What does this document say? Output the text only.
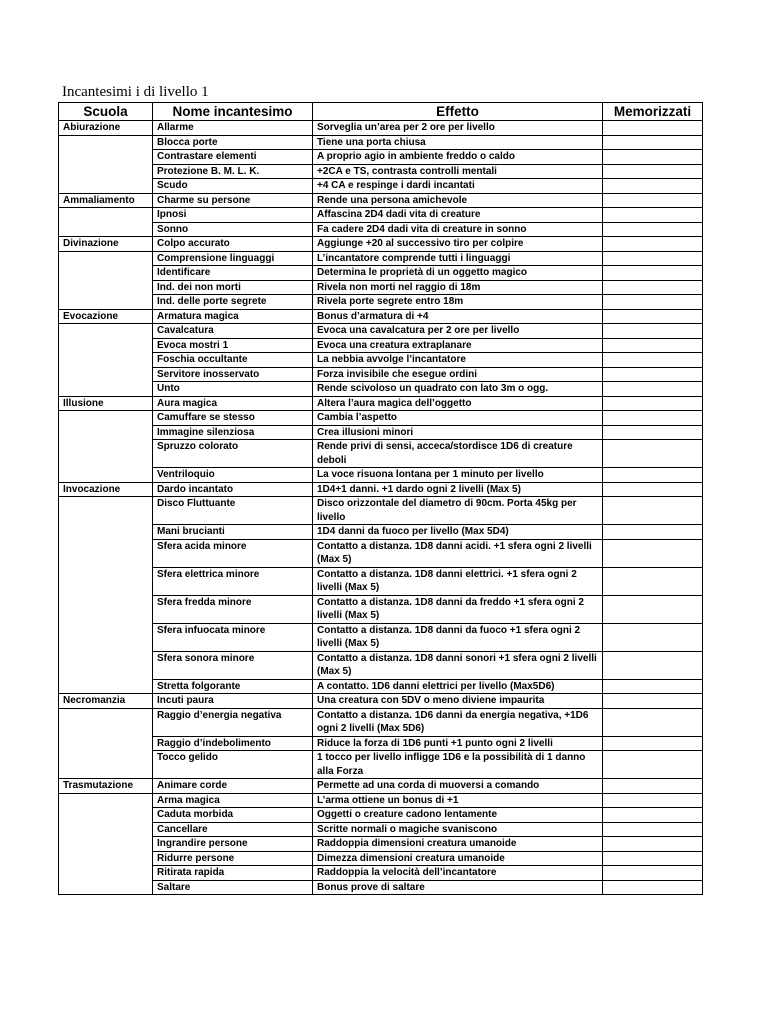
Incantesimi i di livello 1
Scuola	Nome incantesimo	Effetto	Memorizzati
Abiurazione	Allarme	Sorveglia un’area per 2 ore per livello	
	Blocca porte	Tiene una porta chiusa	
	Contrastare elementi	A proprio agio in ambiente freddo o caldo	
	Protezione B. M. L. K.	+2CA e TS, contrasta controlli mentali	
	Scudo	+4 CA e respinge i dardi incantati	
Ammaliamento	Charme su persone	Rende una persona amichevole	
	Ipnosi	Affascina 2D4 dadi vita di creature	
	Sonno	Fa cadere 2D4 dadi vita di creature in sonno	
Divinazione	Colpo accurato	Aggiunge +20 al successivo tiro per colpire	
	Comprensione linguaggi	L’incantatore comprende tutti i linguaggi	
	Identificare	Determina le proprietà di un oggetto magico	
	Ind. dei non morti	Rivela non morti nel raggio di 18m	
	Ind. delle porte segrete	Rivela porte segrete entro 18m	
Evocazione	Armatura magica	Bonus d’armatura di +4	
	Cavalcatura	Evoca una cavalcatura per 2 ore per livello	
	Evoca mostri 1	Evoca una creatura extraplanare	
	Foschia occultante	La nebbia avvolge l’incantatore	
	Servitore inosservato	Forza invisibile che esegue ordini	
	Unto	Rende scivoloso un quadrato con lato 3m o ogg.	
Illusione	Aura magica	Altera l’aura magica dell’oggetto	
	Camuffare se stesso	Cambia l’aspetto	
	Immagine silenziosa	Crea illusioni minori	
	Spruzzo colorato	Rende privi di sensi, acceca/stordisce 1D6 di creature deboli	
	Ventriloquio	La voce risuona lontana per 1 minuto per livello	
Invocazione	Dardo incantato	1D4+1 danni. +1 dardo ogni 2 livelli (Max 5)	
	Disco Fluttuante	Disco orizzontale del diametro di 90cm. Porta 45kg per livello	
	Mani brucianti	1D4 danni da fuoco per livello (Max 5D4)	
	Sfera acida minore	Contatto a distanza. 1D8 danni acidi. +1 sfera ogni 2 livelli (Max 5)	
	Sfera elettrica minore	Contatto a distanza. 1D8 danni elettrici. +1 sfera ogni 2 livelli (Max 5)	
	Sfera fredda minore	Contatto a distanza. 1D8 danni da freddo +1 sfera ogni 2 livelli (Max 5)	
	Sfera infuocata minore	Contatto a distanza. 1D8 danni da fuoco +1 sfera ogni 2 livelli (Max 5)	
	Sfera sonora minore	Contatto a distanza. 1D8 danni sonori +1 sfera ogni 2 livelli (Max 5)	
	Stretta folgorante	A contatto. 1D6 danni elettrici per livello (Max5D6)	
Necromanzia	Incuti paura	Una creatura con 5DV o meno diviene impaurita	
	Raggio d’energia negativa	Contatto a distanza. 1D6 danni da energia negativa, +1D6 ogni 2 livelli (Max 5D6)	
	Raggio d’indebolimento	Riduce la forza di 1D6 punti +1 punto ogni 2 livelli	
	Tocco gelido	1 tocco per livello infligge 1D6 e la possibilità di 1 danno alla Forza	
Trasmutazione	Animare corde	Permette ad una corda di muoversi a comando	
	Arma magica	L’arma ottiene un bonus di +1	
	Caduta morbida	Oggetti o creature cadono lentamente	
	Cancellare	Scritte normali o magiche svaniscono	
	Ingrandire persone	Raddoppia dimensioni creatura umanoide	
	Ridurre persone	Dimezza dimensioni creatura umanoide	
	Ritirata rapida	Raddoppia la velocità dell’incantatore	
	Saltare	Bonus prove di saltare	
